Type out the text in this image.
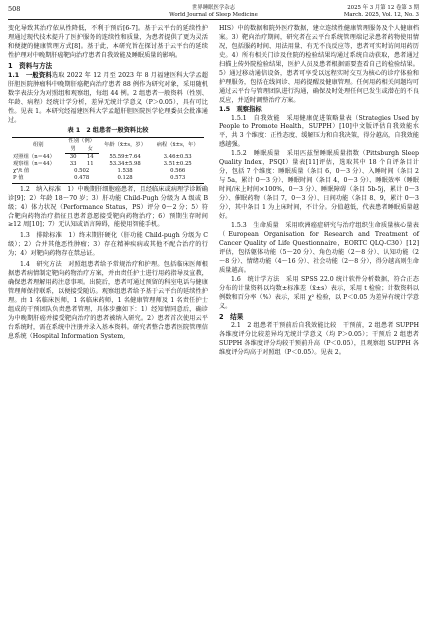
508	世界睡眠医学杂志
World Journal of Sleep Medicine
2025 年 3 月第 12 卷第 3 期
March. 2025, Vol. 12, No. 3

变化导致其治疗依从性降低，不利于预后[6-7]。基于云平台的延续性护理通过现代技术提升了医护服务的连续性和质量，为患者提供了更为灵活和便捷的健康管理方式[8]。基于此，本研究旨在探讨基于云平台的延续性护理对中晚期肝癌靶向治疗患者自我效能及睡眠质量的影响。

1　资料与方法

1.1　一般资料选取 2022 年 12 月至 2023 年 8 月福建医科大学孟超肝胆医院肿瘤科中晚期肝癌靶向治疗患者 88 例作为研究对象，采用随机数字表法分为对照组和观察组，每组 44 例。2 组患者一般资料（性别、年龄、病程）经统计学分析，差异无统计学意义（P＞0.05），具有可比性。见表 1。本研究经福建医科大学孟超肝胆医院医学伦理委员会批准通过。

表 1　2 组患者一般资料比较
组别	性别（例）		年龄（x̄±s，岁）	病程（x̄±s，年）
	男	女		
对照组（n＝44）	30	14	55.59±7.64	3.46±0.53
观察组（n＝44）	33	11	53.34±5.98	3.51±0.25
χ²/t 值	0.502		1.538	0.566
P 值	0.478		0.128	0.573

1.2　纳入标准　1）中晚期肝细胞癌患者，且经临床或病理学诊断确诊[9]；2）年龄 18～70 岁；3）肝功能 Child-Pugh 分级为 A 级或 B 级；4）体力状况（Performance Status，PS）评分 0～2 分；5）符合靶向药物治疗指征且患者意愿接受靶向药物治疗；6）预期生存时间≥12 周[10]；7）无认知或语言障碍，能使用智能手机。

1.3　排除标准　1）终末期肝硬化（肝功能 Child-pugh 分级为 C 级）；2）合并其他恶性肿瘤；3）存在精神疾病或其他不配合治疗的行为；4）对靶向药物存在禁忌证。

1.4　研究方法　对照组患者给予常规治疗和护理。包括临床医师根据患者病情制定靶向药物治疗方案，并由责任护士进行用药指导及宣教，确保患者理解用药注意事项。出院后，患者可通过预留的科室电话与健康管理师保持联系，以便接受随访。观察组患者给予基于云平台的延续性护理。由 1 名临床医师，1 名临床药师，1 名健康管理师及 1 名责任护士组成的干预团队负责患者管理，具体步骤如下：1）经知情同意后，确诊为中晚期肝癌并接受靶向治疗的患者被纳入研究。2）患者首次使用云平台系统时，需在系统中注册并录入基本资料。研究者整合患者医院管理信息系统（Hospital Information System,

HIS）中的数据和院外医疗数据，建立连续性健康管理服务及个人健康档案。3）靶向治疗期间，研究者在云平台系统管理端记录患者药物使用情况，包括服药时间、用法用量、有无不良反应等，患者可实时访问用药历史。4）所有相关门诊及住院的检验结果均通过系统自动获取，患者通过扫描上传外院检验结果，医护人员及患者根据需要查看自己的检验结果。5）通过移动通信设备，患者可享受以远程实时交互为核心的诊疗体验和护理服务，包括在线问诊、用药提醒及健康管理。任何用药相关问题均可通过云平台与管理团队进行沟通，确保及时处理任何已发生或潜在的不良反应，并适时调整治疗方案。

1.5　观察指标

1.5.1　自我效能　采用健康促进策略量表（Strategies Used by People to Promote Health，SUPPH）[10]中文版评估自我效能水平，共 3 个维度：正性态度、缓解压力和自我决策，得分越高，自我效能感越强。

1.5.2　睡眠质量　采用匹兹堡睡眠质量指数（Pittsburgh Sleep Quality Index，PSQI）量表[11]评估，选取其中 18 个自评条目计分，包括 7 个维度：睡眠质量（条目 6，0～3 分）、入睡时间（条目 2 与 5a，累计 0～3 分）、睡眠时间（条目 4，0～3 分）、睡眠效率（睡眠时间/床上时间×100%，0～3 分）、睡眠障碍（条目 5b-5j，累计 0～3 分）、催眠药物（条目 7，0～3 分）、日间功能（条目 8、9，累计 0～3 分），其中条目 1 为上床时间，不计分。分值越低，代表患者睡眠质量越好。

1.5.3　生命质量　采用欧洲癌症研究与治疗组织生命质量核心量表（European Organisation for Research and Treatment of Cancer Quality of Life Questionnaire，EORTC QLQ-C30）[12]评估，包括躯体功能（5～20 分）、角色功能（2～8 分）、认知功能（2～8 分）、情绪功能（4～16 分）、社会功能（2～8 分），得分越高则生命质量越高。

1.6　统计学方法　采用 SPSS 22.0 统计软件分析数据，符合正态分布的计量资料以均数±标准差（x̄±s）表示，采用 t 检验；计数资料以例数和百分率（%）表示，采用 χ² 检验，以 P＜0.05 为差异有统计学意义。

2　结果

2.1　2 组患者干预前后自我效能比较　干预前，2 组患者 SUPPH 各维度评分比较差异均无统计学意义（均 P＞0.05）；干预后 2 组患者 SUPPH 各维度评分均较干预前升高（P＜0.05），且观察组 SUPPH 各维度评分均高于对照组（P＜0.05）。见表 2。
